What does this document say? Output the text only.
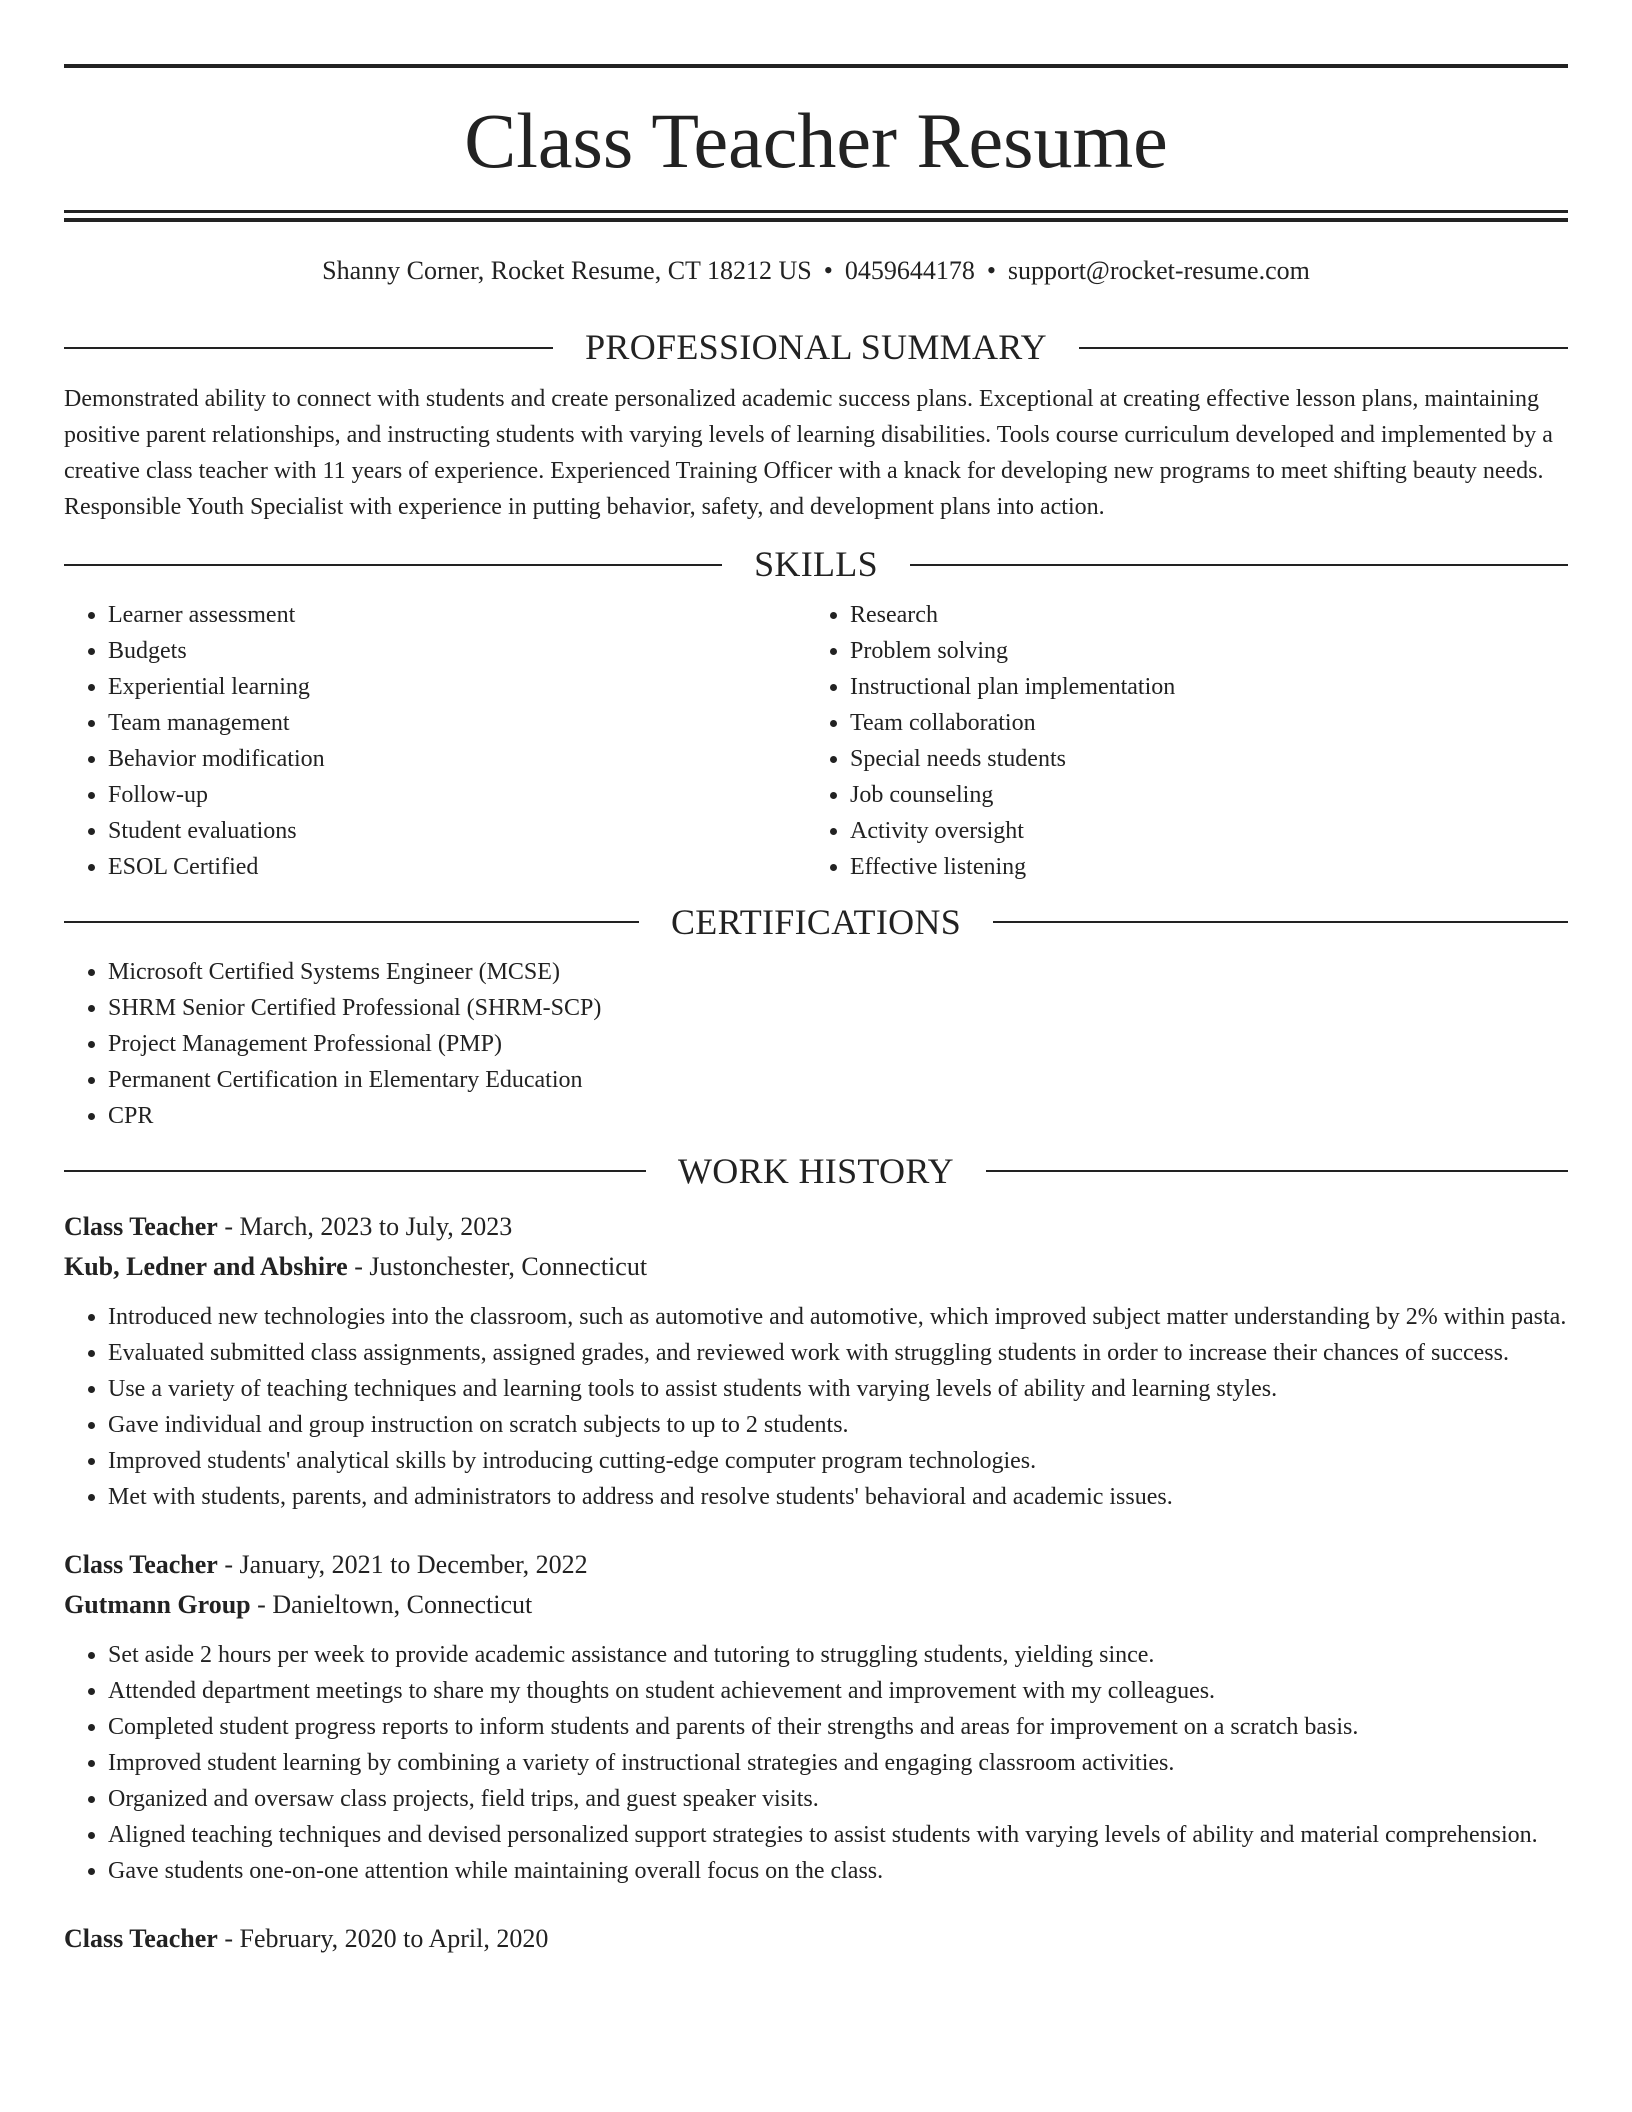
Class Teacher Resume
Shanny Corner, Rocket Resume, CT 18212 US • 0459644178 • support@rocket-resume.com
PROFESSIONAL SUMMARY
Demonstrated ability to connect with students and create personalized academic success plans. Exceptional at creating effective lesson plans, maintaining positive parent relationships, and instructing students with varying levels of learning disabilities. Tools course curriculum developed and implemented by a creative class teacher with 11 years of experience. Experienced Training Officer with a knack for developing new programs to meet shifting beauty needs. Responsible Youth Specialist with experience in putting behavior, safety, and development plans into action.
SKILLS
• Learner assessment
• Budgets
• Experiential learning
• Team management
• Behavior modification
• Follow-up
• Student evaluations
• ESOL Certified
• Research
• Problem solving
• Instructional plan implementation
• Team collaboration
• Special needs students
• Job counseling
• Activity oversight
• Effective listening
CERTIFICATIONS
• Microsoft Certified Systems Engineer (MCSE)
• SHRM Senior Certified Professional (SHRM-SCP)
• Project Management Professional (PMP)
• Permanent Certification in Elementary Education
• CPR
WORK HISTORY
Class Teacher - March, 2023 to July, 2023
Kub, Ledner and Abshire - Justonchester, Connecticut
• Introduced new technologies into the classroom, such as automotive and automotive, which improved subject matter understanding by 2% within pasta.
• Evaluated submitted class assignments, assigned grades, and reviewed work with struggling students in order to increase their chances of success.
• Use a variety of teaching techniques and learning tools to assist students with varying levels of ability and learning styles.
• Gave individual and group instruction on scratch subjects to up to 2 students.
• Improved students' analytical skills by introducing cutting-edge computer program technologies.
• Met with students, parents, and administrators to address and resolve students' behavioral and academic issues.
Class Teacher - January, 2021 to December, 2022
Gutmann Group - Danieltown, Connecticut
• Set aside 2 hours per week to provide academic assistance and tutoring to struggling students, yielding since.
• Attended department meetings to share my thoughts on student achievement and improvement with my colleagues.
• Completed student progress reports to inform students and parents of their strengths and areas for improvement on a scratch basis.
• Improved student learning by combining a variety of instructional strategies and engaging classroom activities.
• Organized and oversaw class projects, field trips, and guest speaker visits.
• Aligned teaching techniques and devised personalized support strategies to assist students with varying levels of ability and material comprehension.
• Gave students one-on-one attention while maintaining overall focus on the class.
Class Teacher - February, 2020 to April, 2020
